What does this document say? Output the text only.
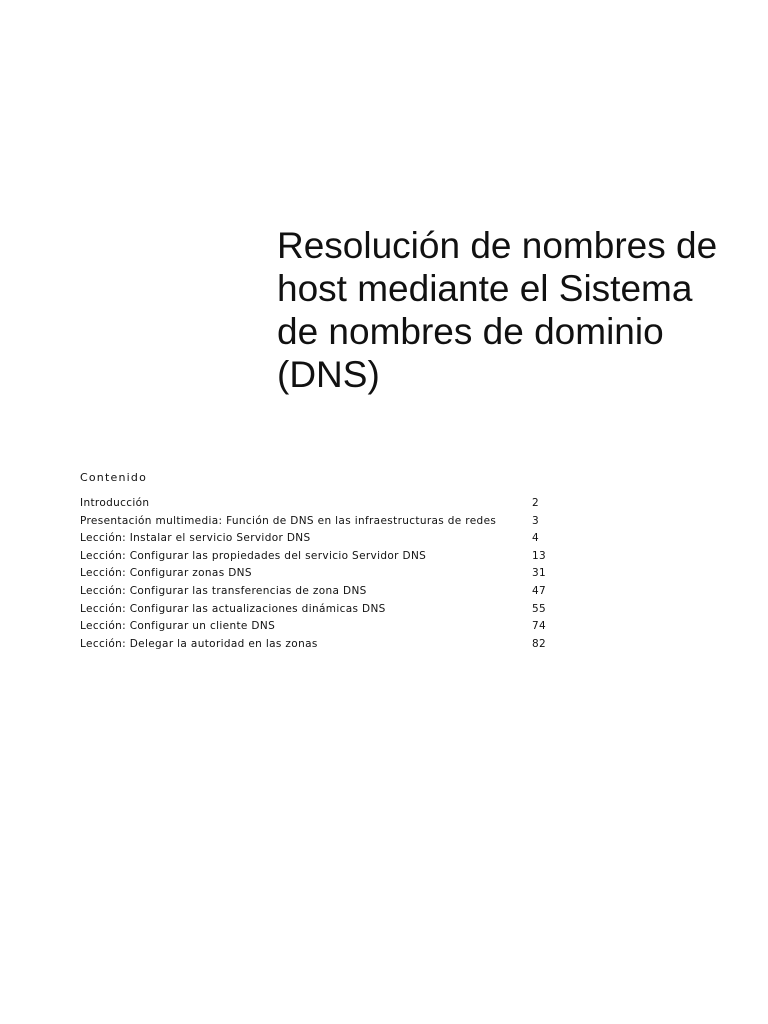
Resolución de nombres de
host mediante el Sistema
de nombres de dominio
(DNS)
Contenido
Introducción	2
Presentación multimedia: Función de DNS en las infraestructuras de redes	3
Lección: Instalar el servicio Servidor DNS	4
Lección: Configurar las propiedades del servicio Servidor DNS	13
Lección: Configurar zonas DNS	31
Lección: Configurar las transferencias de zona DNS	47
Lección: Configurar las actualizaciones dinámicas DNS	55
Lección: Configurar un cliente DNS	74
Lección: Delegar la autoridad en las zonas	82
